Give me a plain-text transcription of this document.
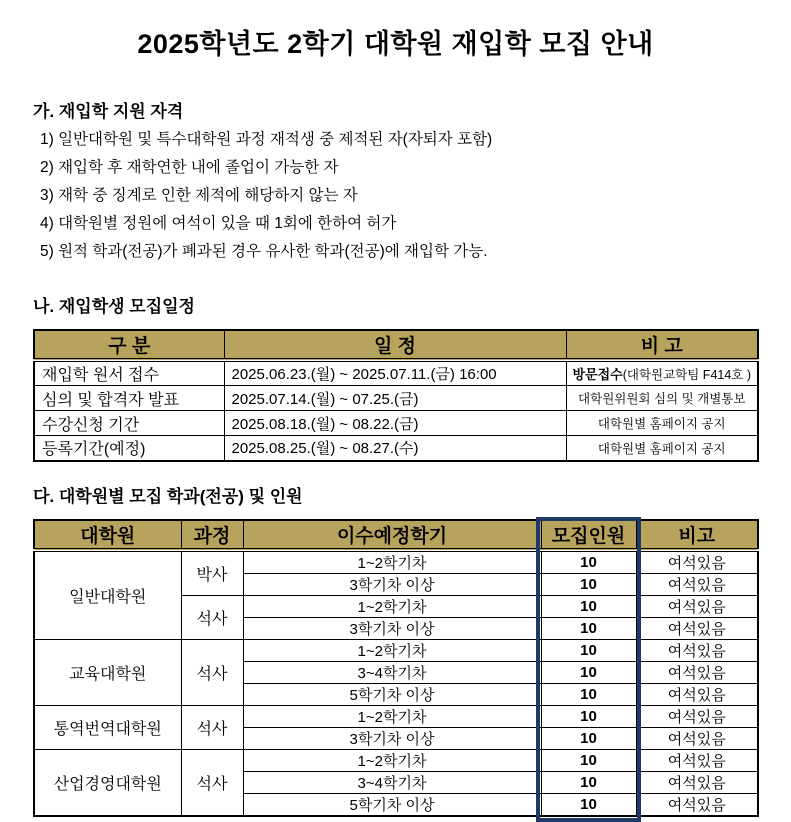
2025학년도 2학기 대학원 재입학 모집 안내

가. 재입학 지원 자격

1) 일반대학원 및 특수대학원 과정 재적생 중 제적된 자(자퇴자 포함)
2) 재입학 후 재학연한 내에 졸업이 가능한 자
3) 재학 중 징계로 인한 제적에 해당하지 않는 자
4) 대학원별 정원에 여석이 있을 때 1회에 한하여 허가
5) 원적 학과(전공)가 폐과된 경우 유사한 학과(전공)에 재입학 가능.

나. 재입학생 모집일정

구 분	일 정	비 고
재입학 원서 접수	2025.06.23.(월) ~ 2025.07.11.(금) 16:00	방문접수(대학원교학팀 F414호 )
심의 및 합격자 발표	2025.07.14.(월) ~ 07.25.(금)	대학원위원회 심의 및 개별통보
수강신청 기간	2025.08.18.(월) ~ 08.22.(금)	대학원별 홈페이지 공지
등록기간(예정)	2025.08.25.(월) ~ 08.27.(수)	대학원별 홈페이지 공지

다. 대학원별 모집 학과(전공) 및 인원

대학원	과정	이수예정학기	모집인원	비고
일반대학원	박사	1~2학기차	10	여석있음
		3학기차 이상	10	여석있음
	석사	1~2학기차	10	여석있음
		3학기차 이상	10	여석있음
교육대학원	석사	1~2학기차	10	여석있음
		3~4학기차	10	여석있음
		5학기차 이상	10	여석있음
통역번역대학원	석사	1~2학기차	10	여석있음
		3학기차 이상	10	여석있음
산업경영대학원	석사	1~2학기차	10	여석있음
		3~4학기차	10	여석있음
		5학기차 이상	10	여석있음
